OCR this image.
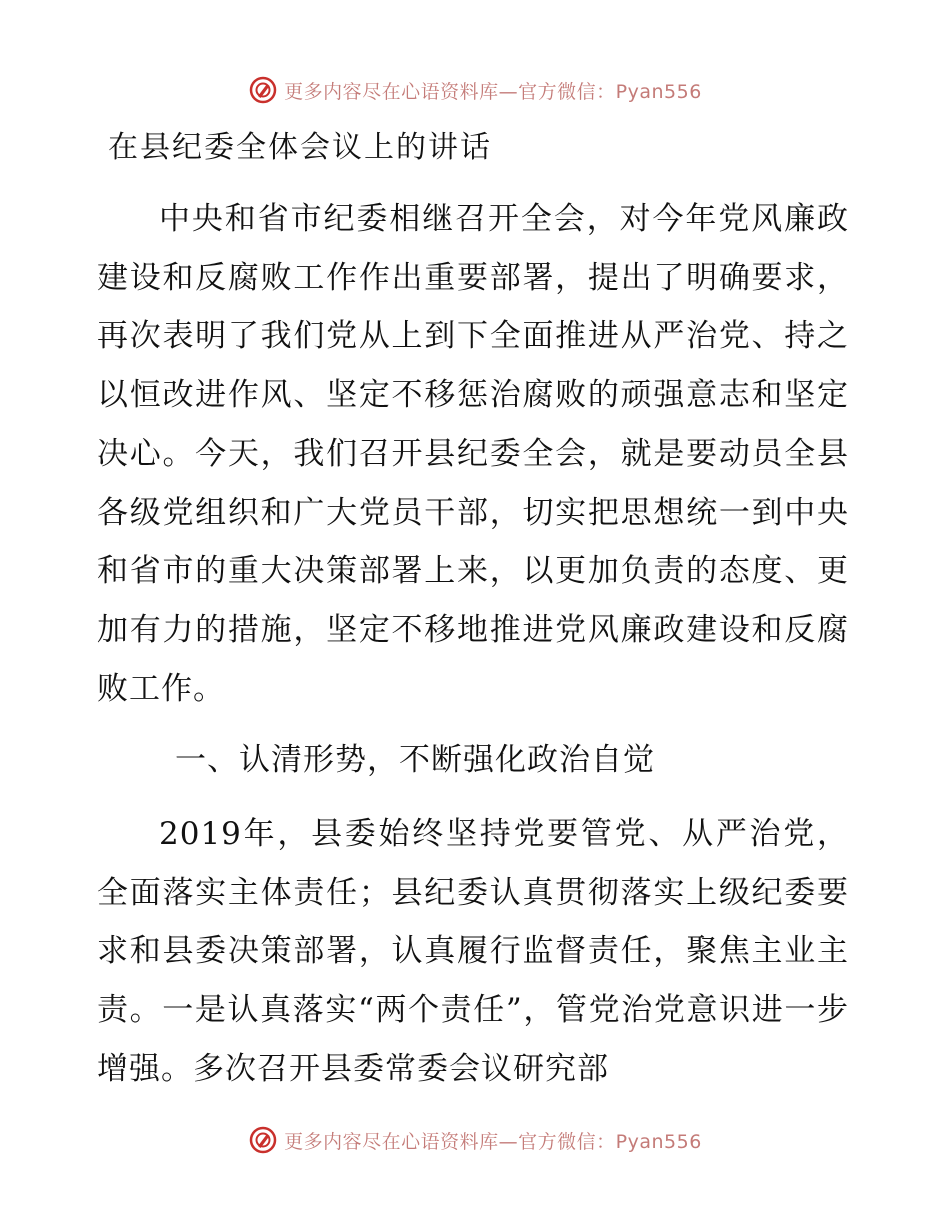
更多内容尽在心语资料库—官方微信：Pyan556
在县纪委全体会议上的讲话

中央和省市纪委相继召开全会，对今年党风廉政建设和反腐败工作作出重要部署，提出了明确要求，再次表明了我们党从上到下全面推进从严治党、持之以恒改进作风、坚定不移惩治腐败的顽强意志和坚定决心。今天，我们召开县纪委全会，就是要动员全县各级党组织和广大党员干部，切实把思想统一到中央和省市的重大决策部署上来，以更加负责的态度、更加有力的措施，坚定不移地推进党风廉政建设和反腐败工作。

一、认清形势，不断强化政治自觉

2019年，县委始终坚持党要管党、从严治党，全面落实主体责任；县纪委认真贯彻落实上级纪委要求和县委决策部署，认真履行监督责任，聚焦主业主责。一是认真落实“两个责任”，管党治党意识进一步增强。多次召开县委常委会议研究部

更多内容尽在心语资料库—官方微信：Pyan556
